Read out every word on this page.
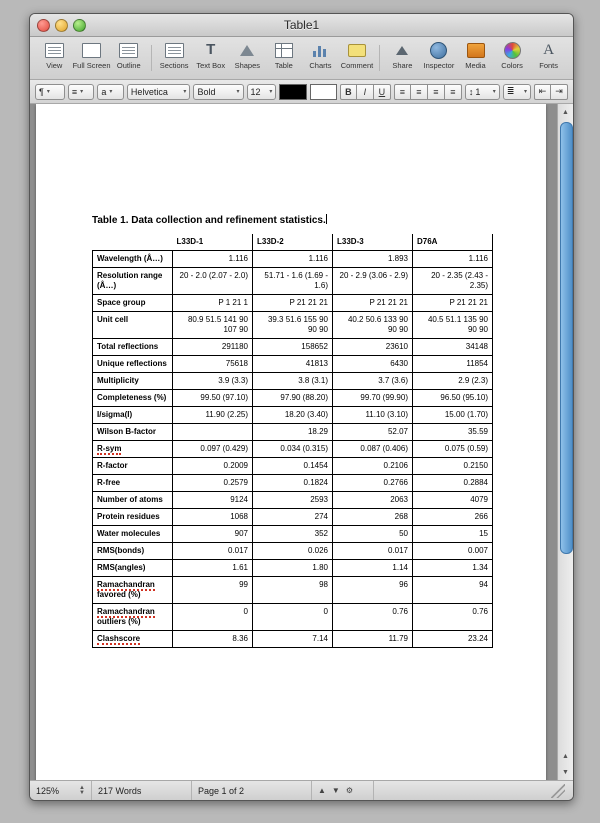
Table1
View Full Screen Outline	Sections
T
Text Box Shapes Table Charts Comment	Share Inspector Media Colors
A
Fonts
¶ ▾ ≡ ▾ a ▾ Helvetica	▾ Bold	▾ 12 ▾	B	I	U	≡	≡	≡	≡	↕ 1 ▾ ≣ ▾	⇤ ⇥
Table 1. Data collection and refinement statistics.
	L33D-1	L33D-2	L33D-3	D76A
Wavelength (Å…)	1.116	1.116	1.893	1.116
Resolution range (Å…)	20 - 2.0 (2.07 - 2.0)	51.71 - 1.6 (1.69 - 1.6)	20 - 2.9 (3.06 - 2.9)	20 - 2.35 (2.43 - 2.35)
Space group	P 1 21 1	P 21 21 21	P 21 21 21	P 21 21 21
Unit cell	80.9 51.5 141 90 107 90	39.3 51.6 155 90 90 90	40.2 50.6 133 90 90 90	40.5 51.1 135 90 90 90
Total reflections	291180	158652	23610	34148
Unique reflections	75618	41813	6430	11854
Multiplicity	3.9 (3.3)	3.8 (3.1)	3.7 (3.6)	2.9 (2.3)
Completeness (%)	99.50 (97.10)	97.90 (88.20)	99.70 (99.90)	96.50 (95.10)
I/sigma(I)	11.90 (2.25)	18.20 (3.40)	11.10 (3.10)	15.00 (1.70)
Wilson B-factor		18.29	52.07	35.59
R-sym	0.097 (0.429)	0.034 (0.315)	0.087 (0.406)	0.075 (0.59)
R-factor	0.2009	0.1454	0.2106	0.2150
R-free	0.2579	0.1824	0.2766	0.2884
Number of atoms	9124	2593	2063	4079
Protein residues	1068	274	268	266
Water molecules	907	352	50	15
RMS(bonds)	0.017	0.026	0.017	0.007
RMS(angles)	1.61	1.80	1.14	1.34
Ramachandran favored (%)	99	98	96	94
Ramachandran outliers (%)	0	0	0.76	0.76
Clashscore	8.36	7.14	11.79	23.24
▲
▲
▼
125%	▲
▼	217 Words	Page 1 of 2	▲ ▼ ⚙
